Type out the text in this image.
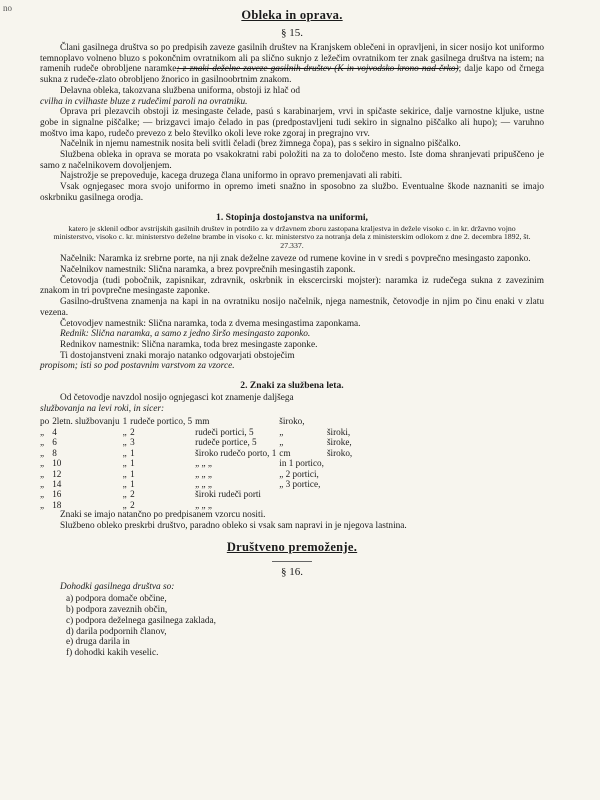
no	Obleka in oprava.
§ 15.

Člani gasilnega društva so po predpisih zaveze gasilnih društev na Kranjskem oblečeni in opravljeni, in sicer nosijo kot uniformo temnoplavo volneno bluzo s pokončnim ovratnikom ali pa slično suknjo z ležečim ovratnikom ter znak gasilnega društva na istem; na ramenih rudeče obrobljene naramke; z znaki deželne zaveze gasilnih društev (K in vojvodsko krono nad črko); dalje kapo od črnega sukna z rudeče-zlato obrobljeno žnorico in gasilnoobrtnim znakom.

Delavna obleka, takozvana službena uniforma, obstoji iz hlač od
cvilha in cvilhaste bluze z rudečimi paroli na ovratniku.

Oprava pri plezavcih obstoji iz mesingaste čelade, pasú s karabinarjem, vrvi in spičaste sekirice, dalje varnostne kljuke, ustne gobe in signalne piščalke; — brizgavci imajo čelado in pas (predpostavljeni tudi sekiro in signalno piščalko ali hupo); — varuhno moštvo ima kapo, rudečo prevezo z belo številko okoli leve roke zgoraj in pregrajno vrv.

Načelnik in njemu namestnik nosita beli svitli čeladi (brez žimnega čopa), pas s sekiro in signalno piščalko.

Službena obleka in oprava se morata po vsakokratni rabi položiti na za to določeno mesto. Iste doma shranjevati pripuščeno je samo z načelnikovem dovoljenjem.

Najstrožje se prepoveduje, kacega druzega člana uniformo in opravo premenjavati ali rabiti.

Vsak ognjegasec mora svojo uniformo in opremo imeti snažno in sposobno za službo. Eventualne škode naznaniti se imajo oskrbniku gasilnega orodja.

1. Stopinja dostojanstva na uniformi,

katero je sklenil odbor avstrijskih gasilnih društev in potrdilo za v državnem zboru zastopana kraljestva in dežele visoko c. in kr. državno vojno ministerstvo, visoko c. kr. ministerstvo deželne brambe in visoko c. kr. ministerstvo za notranja dela z ministerskim odlokom z dne 2. decembra 1892, št. 27.337.

Načelnik: Naramka iz srebrne porte, na nji znak deželne zaveze od rumene kovine in v sredi s povprečno mesingasto zaponko.

Načelnikov namestnik: Slična naramka, a brez povprečnih mesingastih zaponk.

Četovodja (tudi pobočnik, zapisnikar, zdravnik, oskrbnik in ekscercirski mojster): naramka iz rudečega sukna z zavezinim znakom in tri povprečne mesingaste zaponke.

Gasilno-društvena znamenja na kapi in na ovratniku nosijo načelnik, njega namestnik, četovodje in njim po činu enaki v zlatu vezena.

Četovodjev namestnik: Slična naramka, toda z dvema mesingastima zaponkama.

Rednik: Slična naramka, a samo z jedno širšo mesingasto zaponko.

Rednikov namestnik: Slična naramka, toda brez mesingaste zaponke.

Ti dostojanstveni znaki morajo natanko odgovarjati obstoječim
propisom; isti so pod postavnim varstvom za vzorce.

2. Znaki za službena leta.

Od četovodje navzdol nosijo ognjegasci kot znamenje daljšega
službovanja na levi roki, in sicer:

po	2letn. službovanju	1	rudeče portico, 5	mm	široko,	
„	4	„	2	rudeči portici, 5	„	široki,
„	6	„	3	rudeče portice, 5	„	široke,
„	8	„	1	široko rudečo porto, 1	cm	široko,
„	10	„	1	„ „ „	in 1 portico,	
„	12	„	1	„ „ „	„ 2 portici,	
„	14	„	1	„ „ „	„ 3 portice,	
„	16	„	2	široki rudeči porti		
„	18	„	2	„ „ „		

Znaki se imajo natančno po predpisanem vzorcu nositi.

Službeno obleko preskrbi društvo, paradno obleko si vsak sam napravi in je njegova lastnina.

Društveno premoženje.
§ 16.

Dohodki gasilnega društva so:

a) podpora domače občine,
b) podpora zaveznih občin,
c) podpora deželnega gasilnega zaklada,
d) darila podpornih članov,
e) druga darila in
f) dohodki kakih veselic.
